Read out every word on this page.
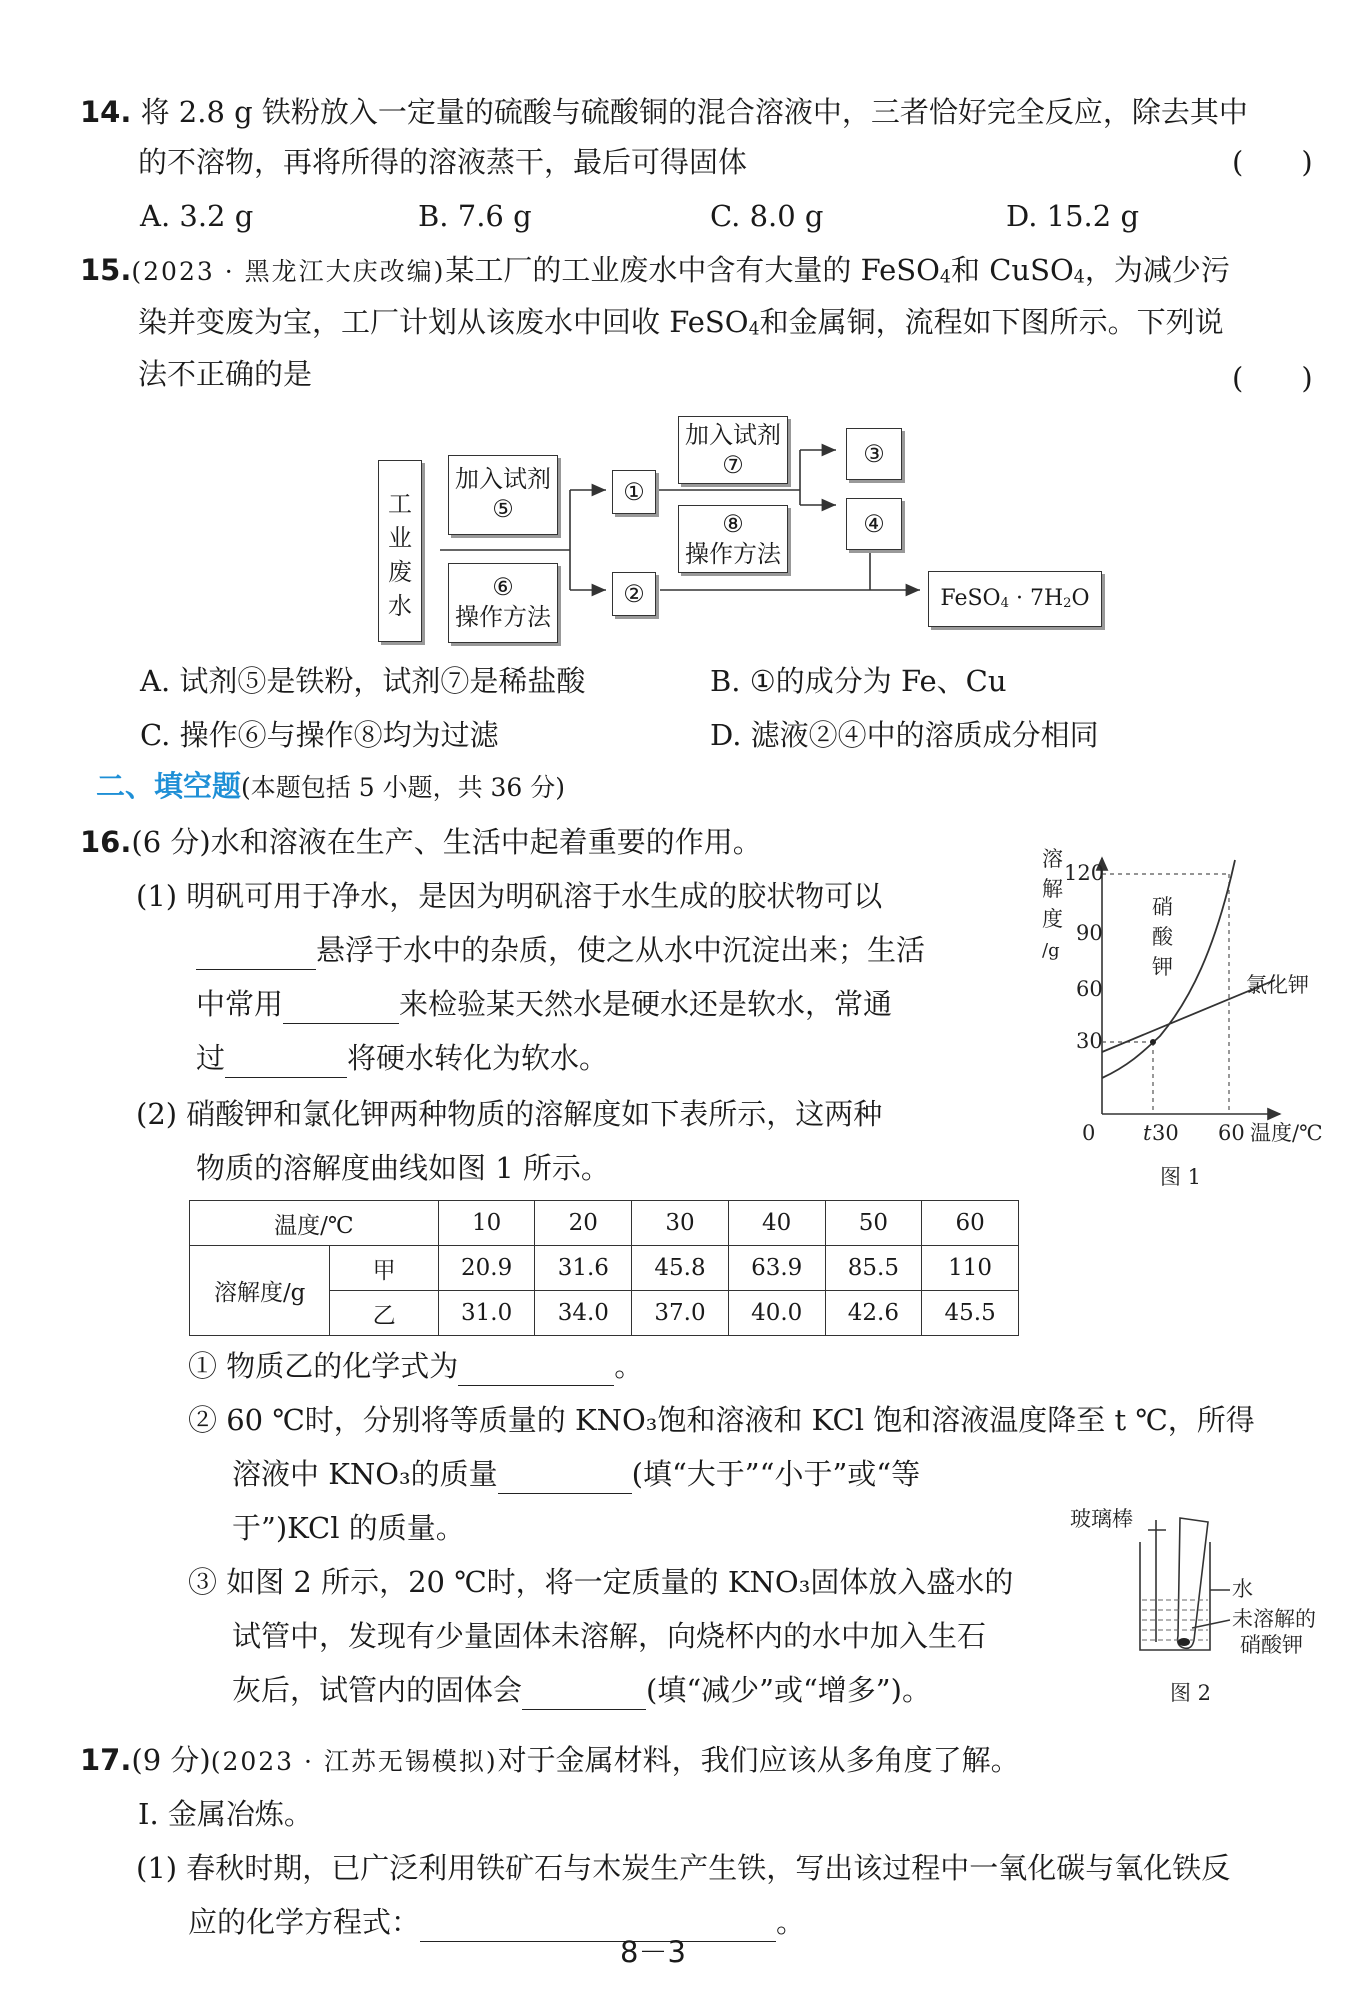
14. 将 2.8 g 铁粉放入一定量的硫酸与硫酸铜的混合溶液中，三者恰好完全反应，除去其中
的不溶物，再将所得的溶液蒸干，最后可得固体	(　　)
A. 3.2 g	B. 7.6 g	C. 8.0 g	D. 15.2 g
15.(2023 · 黑龙江大庆改编)某工厂的工业废水中含有大量的 FeSO$_4$和 CuSO$_4$，为减少污
染并变废为宝，工厂计划从该废水中回收 FeSO$_4$和金属铜，流程如下图所示。下列说
法不正确的是	(　　)
工业废水
加入试剂
⑤
⑥
操作方法
①
②
加入试剂
⑦
⑧
操作方法
③
④
FeSO$_4$ · $7H_2O$
A. 试剂⑤是铁粉，试剂⑦是稀盐酸	B. ①的成分为 Fe、Cu
C. 操作⑥与操作⑧均为过滤	D. 滤液②④中的溶质成分相同
二、填空题(本题包括 5 小题，共 36 分)
16.(6 分)水和溶液在生产、生活中起着重要的作用。
(1) 明矾可用于净水，是因为明矾溶于水生成的胶状物可以
悬浮于水中的杂质，使之从水中沉淀出来；生活
中常用	来检验某天然水是硬水还是软水，常通
过	将硬水转化为软水。
(2) 硝酸钾和氯化钾两种物质的溶解度如下表所示，这两种
物质的溶解度曲线如图 1 所示。
溶
解
度
/g
120
90
60
30
0 t 30 60 温度/℃
硝
酸
钾
氯化钾
图 1
温度/℃		10	20	30	40	50	60
溶解度/g	甲	20.9	31.6	45.8	63.9	85.5	110
	乙	31.0	34.0	37.0	40.0	42.6	45.5
① 物质乙的化学式为	。
② 60 ℃时，分别将等质量的 KNO₃饱和溶液和 KCl 饱和溶液温度降至 t ℃，所得
溶液中 KNO₃的质量	(填“大于”“小于”或“等
于”)KCl 的质量。
③ 如图 2 所示，20 ℃时，将一定质量的 KNO₃固体放入盛水的
试管中，发现有少量固体未溶解，向烧杯内的水中加入生石
灰后，试管内的固体会	(填“减少”或“增多”)。
玻璃棒
水
未溶解的
硝酸钾
图 2
17.(9 分)(2023 · 江苏无锡模拟)对于金属材料，我们应该从多角度了解。
Ⅰ. 金属冶炼。
(1) 春秋时期，已广泛利用铁矿石与木炭生产生铁，写出该过程中一氧化碳与氧化铁反
应的化学方程式：	。
8－3
